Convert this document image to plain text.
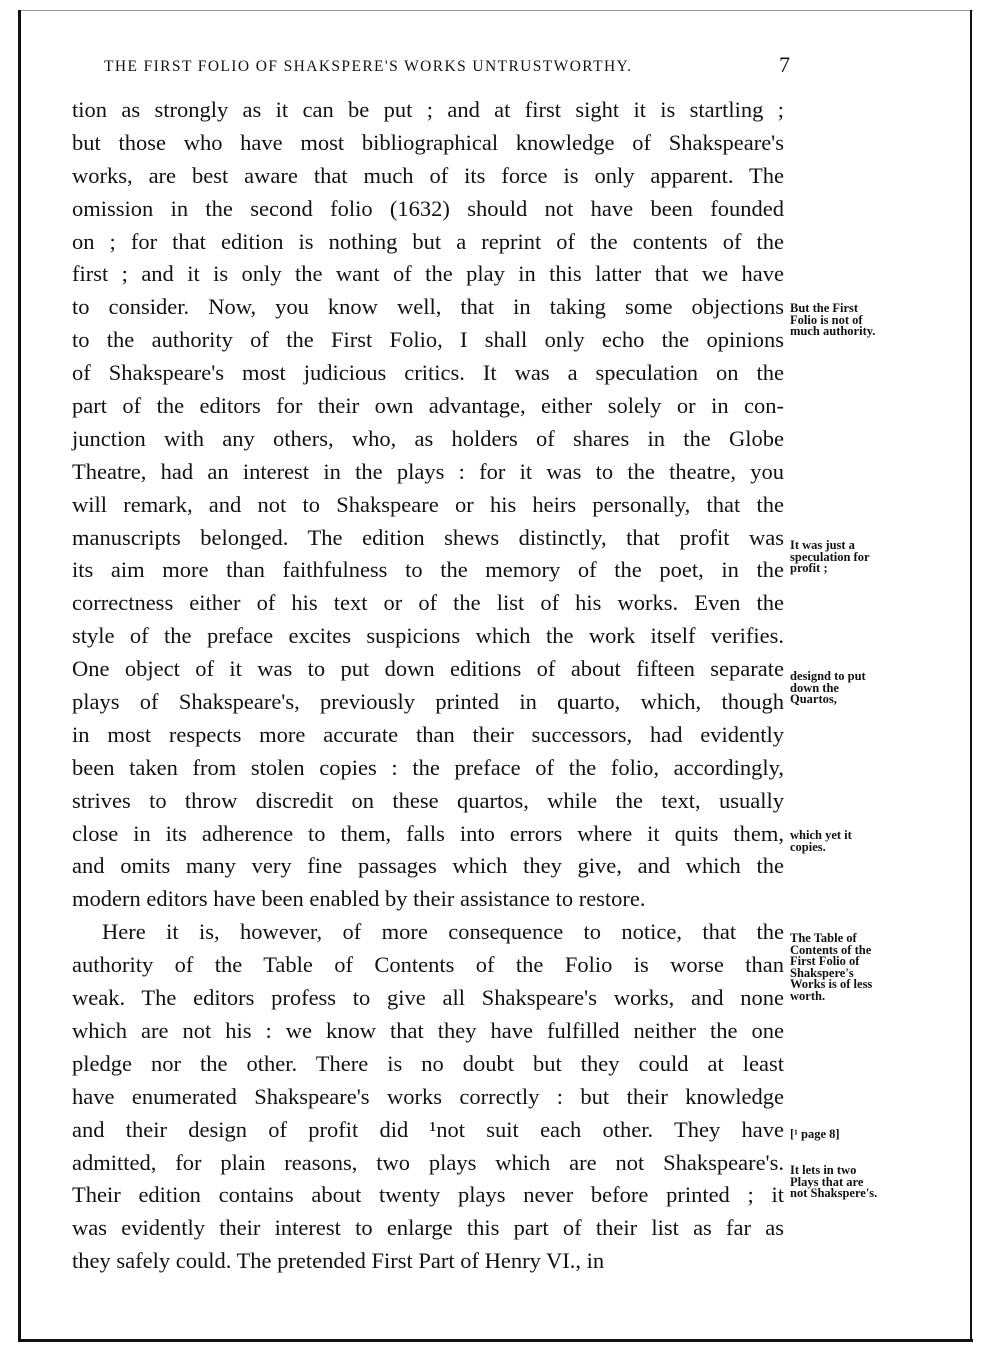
THE FIRST FOLIO OF SHAKSPERE'S WORKS UNTRUSTWORTHY.	7
tion as strongly as it can be put ; and at first sight it is startling ;
but those who have most bibliographical knowledge of Shakspeare's
works, are best aware that much of its force is only apparent. The
omission in the second folio (1632) should not have been founded
on ; for that edition is nothing but a reprint of the contents of the
first ; and it is only the want of the play in this latter that we have
to consider. Now, you know well, that in taking some objections
to the authority of the First Folio, I shall only echo the opinions
of Shakspeare's most judicious critics. It was a speculation on the
part of the editors for their own advantage, either solely or in con-
junction with any others, who, as holders of shares in the Globe
Theatre, had an interest in the plays : for it was to the theatre, you
will remark, and not to Shakspeare or his heirs personally, that the
manuscripts belonged. The edition shews distinctly, that profit was
its aim more than faithfulness to the memory of the poet, in the
correctness either of his text or of the list of his works. Even the
style of the preface excites suspicions which the work itself verifies.
One object of it was to put down editions of about fifteen separate
plays of Shakspeare's, previously printed in quarto, which, though
in most respects more accurate than their successors, had evidently
been taken from stolen copies : the preface of the folio, accordingly,
strives to throw discredit on these quartos, while the text, usually
close in its adherence to them, falls into errors where it quits them,
and omits many very fine passages which they give, and which the
modern editors have been enabled by their assistance to restore.
Here it is, however, of more consequence to notice, that the
authority of the Table of Contents of the Folio is worse than
weak. The editors profess to give all Shakspeare's works, and none
which are not his : we know that they have fulfilled neither the one
pledge nor the other. There is no doubt but they could at least
have enumerated Shakspeare's works correctly : but their knowledge
and their design of profit did ¹not suit each other. They have
admitted, for plain reasons, two plays which are not Shakspeare's.
Their edition contains about twenty plays never before printed ; it
was evidently their interest to enlarge this part of their list as far as
they safely could. The pretended First Part of Henry VI., in
But the First
Folio is not of
much authority.
It was just a
speculation for
profit ;
designd to put
down the
Quartos,
which yet it
copies.
The Table of
Contents of the
First Folio of
Shakspere's
Works is of less
worth.
[¹ page 8]
It lets in two
Plays that are
not Shakspere's.
